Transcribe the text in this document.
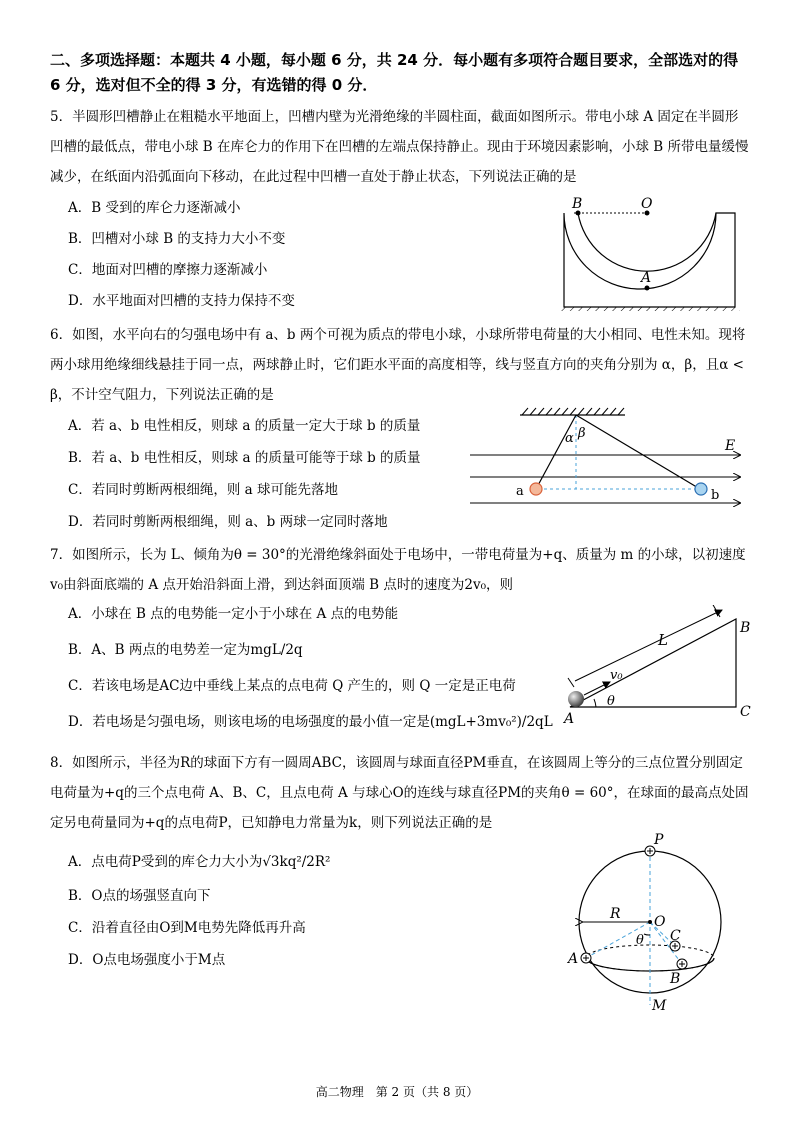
二、多项选择题：本题共 4 小题，每小题 6 分，共 24 分．每小题有多项符合题目要求，全部选对的得 6 分，选对但不全的得 3 分，有选错的得 0 分．
5．半圆形凹槽静止在粗糙水平地面上，凹槽内壁为光滑绝缘的半圆柱面，截面如图所示。带电小球 A 固定在半圆形凹槽的最低点，带电小球 B 在库仑力的作用下在凹槽的左端点保持静止。现由于环境因素影响，小球 B 所带电量缓慢减少，在纸面内沿弧面向下移动，在此过程中凹槽一直处于静止状态，下列说法正确的是
A．B 受到的库仑力逐渐减小
B．凹槽对小球 B 的支持力大小不变
C．地面对凹槽的摩擦力逐渐减小
D．水平地面对凹槽的支持力保持不变
B	O
A
6．如图，水平向右的匀强电场中有 a、b 两个可视为质点的带电小球，小球所带电荷量的大小相同、电性未知。现将两小球用绝缘细线悬挂于同一点，两球静止时，它们距水平面的高度相等，线与竖直方向的夹角分别为 α，β，且α < β，不计空气阻力，下列说法正确的是
A．若 a、b 电性相反，则球 a 的质量一定大于球 b 的质量
B．若 a、b 电性相反，则球 a 的质量可能等于球 b 的质量
C．若同时剪断两根细绳，则 a 球可能先落地
D．若同时剪断两根细绳，则 a、b 两球一定同时落地
α β
E
a	b
7．如图所示，长为 L、倾角为θ = 30°的光滑绝缘斜面处于电场中，一带电荷量为+q、质量为 m 的小球，以初速度v₀由斜面底端的 A 点开始沿斜面上滑，到达斜面顶端 B 点时的速度为2v₀，则
A．小球在 B 点的电势能一定小于小球在 A 点的电势能
B．A、B 两点的电势差一定为mgL/2q
C．若该电场是AC边中垂线上某点的点电荷 Q 产生的，则 Q 一定是正电荷
D．若电场是匀强电场，则该电场的电场强度的最小值一定是(mgL+3mv₀²)/2qL
L
v₀
θ
A
B
C
8．如图所示，半径为R的球面下方有一圆周ABC，该圆周与球面直径PM垂直，在该圆周上等分的三点位置分别固定电荷量为+q的三个点电荷 A、B、C，且点电荷 A 与球心O的连线与球直径PM的夹角θ = 60°，在球面的最高点处固定另电荷量同为+q的点电荷P，已知静电力常量为k，则下列说法正确的是
A．点电荷P受到的库仑力大小为√3kq²/2R²
B．O点的场强竖直向下
C．沿着直径由O到M电势先降低再升高
D．O点电场强度小于M点
P
R O
C
θ
A
B
M
高二物理　第 2 页（共 8 页）
